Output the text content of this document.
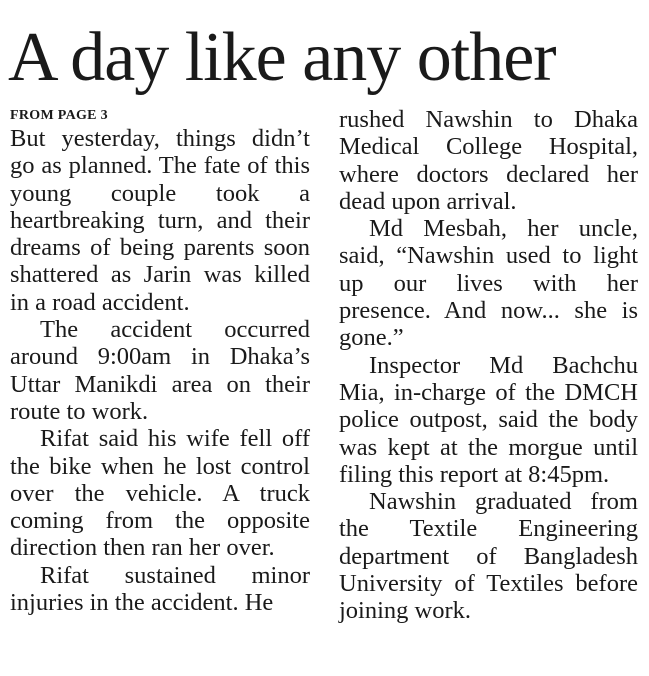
A day like any other
FROM PAGE 3

But yesterday, things didn’t go as planned. The fate of this young couple took a heartbreaking turn, and their dreams of being parents soon shattered as Jarin was killed in a road accident.

The accident occurred around 9:00am in Dhaka’s Uttar Manikdi area on their route to work.

Rifat said his wife fell off the bike when he lost control over the vehicle. A truck coming from the opposite direction then ran her over.

Rifat sustained minor injuries in the accident. He

rushed Nawshin to Dhaka Medical College Hospital, where doctors declared her dead upon arrival.

Md Mesbah, her uncle, said, “Nawshin used to light up our lives with her presence. And now... she is gone.”

Inspector Md Bachchu Mia, in-charge of the DMCH police outpost, said the body was kept at the morgue until filing this report at 8:45pm.

Nawshin graduated from the Textile Engineering department of Bangladesh University of Textiles before joining work.
